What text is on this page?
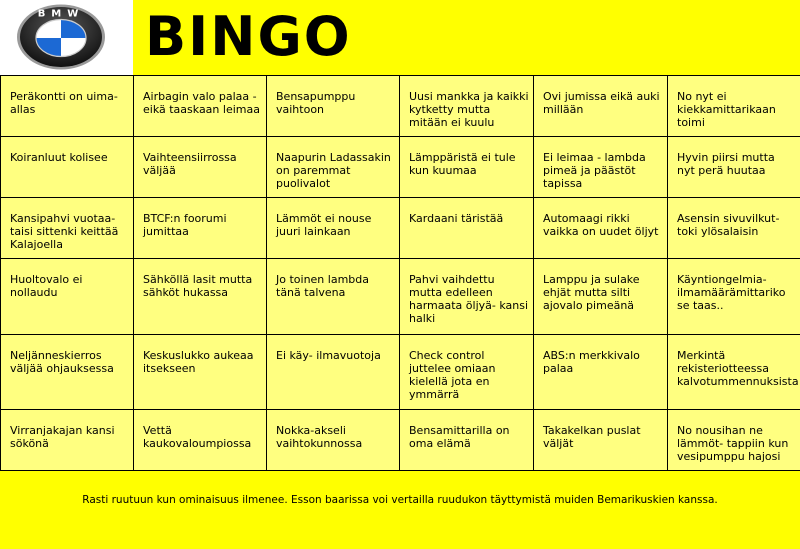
BMW BINGO
Peräkontti on uima-allas	Airbagin valo palaa - eikä taaskaan leimaa	Bensapumppu vaihtoon	Uusi mankka ja kaikki kytketty mutta mitään ei kuulu	Ovi jumissa eikä auki millään	No nyt ei kiekkamittarikaan toimi
Koiranluut kolisee	Vaihteensiirrossa väljää	Naapurin Ladassakin on paremmat puolivalot	Lämppäristä ei tule kun kuumaa	Ei leimaa - lambda pimeä ja päästöt tapissa	Hyvin piirsi mutta nyt perä huutaa
Kansipahvi vuotaa- taisi sittenki keittää Kalajoella	BTCF:n foorumi jumittaa	Lämmöt ei nouse juuri lainkaan	Kardaani täristää	Automaagi rikki vaikka on uudet öljyt	Asensin sivuvilkut- toki ylösalaisin
Huoltovalo ei nollaudu	Sähköllä lasit mutta sähköt hukassa	Jo toinen lambda tänä talvena	Pahvi vaihdettu mutta edelleen harmaata öljyä- kansi halki	Lamppu ja sulake ehjät mutta silti ajovalo pimeänä	Käyntiongelmia- ilmamäärämittariko se taas..
Neljänneskierros väljää ohjauksessa	Keskuslukko aukeaa itsekseen	Ei käy- ilmavuotoja	Check control juttelee omiaan kielellä jota en ymmärrä	ABS:n merkkivalo palaa	Merkintä rekisteriotteessa kalvotummennuksista
Virranjakajan kansi sökönä	Vettä kaukovaloumpiossa	Nokka-akseli vaihtokunnossa	Bensamittarilla on oma elämä	Takakelkan puslat väljät	No nousihan ne lämmöt- tappiin kun vesipumppu hajosi
Rasti ruutuun kun ominaisuus ilmenee. Esson baarissa voi vertailla ruudukon täyttymistä muiden Bemarikuskien kanssa.
